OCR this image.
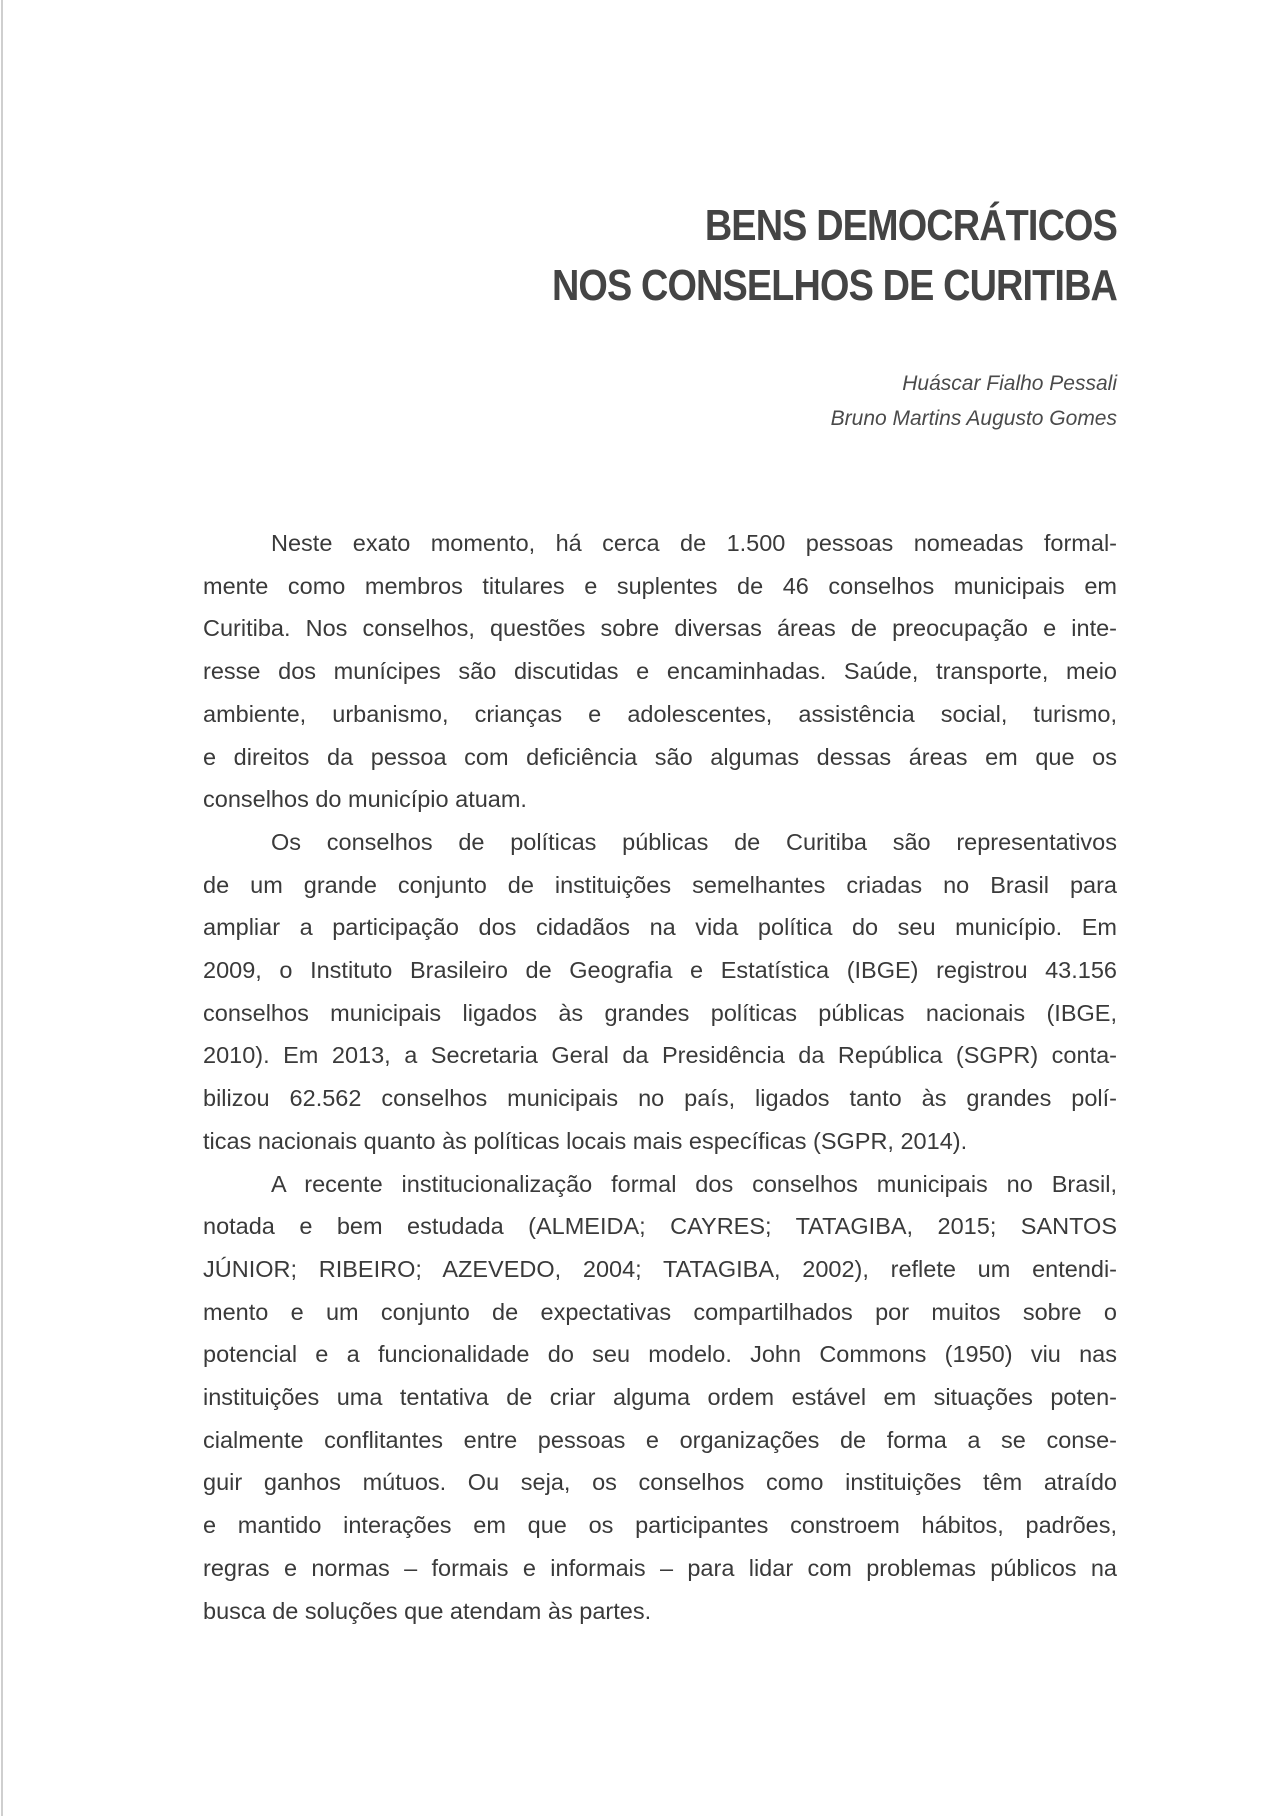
BENS DEMOCRÁTICOS
NOS CONSELHOS DE CURITIBA
Huáscar Fialho Pessali
Bruno Martins Augusto Gomes
Neste exato momento, há cerca de 1.500 pessoas nomeadas formal-
mente como membros titulares e suplentes de 46 conselhos municipais em
Curitiba. Nos conselhos, questões sobre diversas áreas de preocupação e inte-
resse dos munícipes são discutidas e encaminhadas. Saúde, transporte, meio
ambiente, urbanismo, crianças e adolescentes, assistência social, turismo,
e direitos da pessoa com deficiência são algumas dessas áreas em que os
conselhos do município atuam.
Os conselhos de políticas públicas de Curitiba são representativos
de um grande conjunto de instituições semelhantes criadas no Brasil para
ampliar a participação dos cidadãos na vida política do seu município. Em
2009, o Instituto Brasileiro de Geografia e Estatística (IBGE) registrou 43.156
conselhos municipais ligados às grandes políticas públicas nacionais (IBGE,
2010). Em 2013, a Secretaria Geral da Presidência da República (SGPR) conta-
bilizou 62.562 conselhos municipais no país, ligados tanto às grandes polí-
ticas nacionais quanto às políticas locais mais específicas (SGPR, 2014).
A recente institucionalização formal dos conselhos municipais no Brasil,
notada e bem estudada (ALMEIDA; CAYRES; TATAGIBA, 2015; SANTOS
JÚNIOR; RIBEIRO; AZEVEDO, 2004; TATAGIBA, 2002), reflete um entendi-
mento e um conjunto de expectativas compartilhados por muitos sobre o
potencial e a funcionalidade do seu modelo. John Commons (1950) viu nas
instituições uma tentativa de criar alguma ordem estável em situações poten-
cialmente conflitantes entre pessoas e organizações de forma a se conse-
guir ganhos mútuos. Ou seja, os conselhos como instituições têm atraído
e mantido interações em que os participantes constroem hábitos, padrões,
regras e normas – formais e informais – para lidar com problemas públicos na
busca de soluções que atendam às partes.
